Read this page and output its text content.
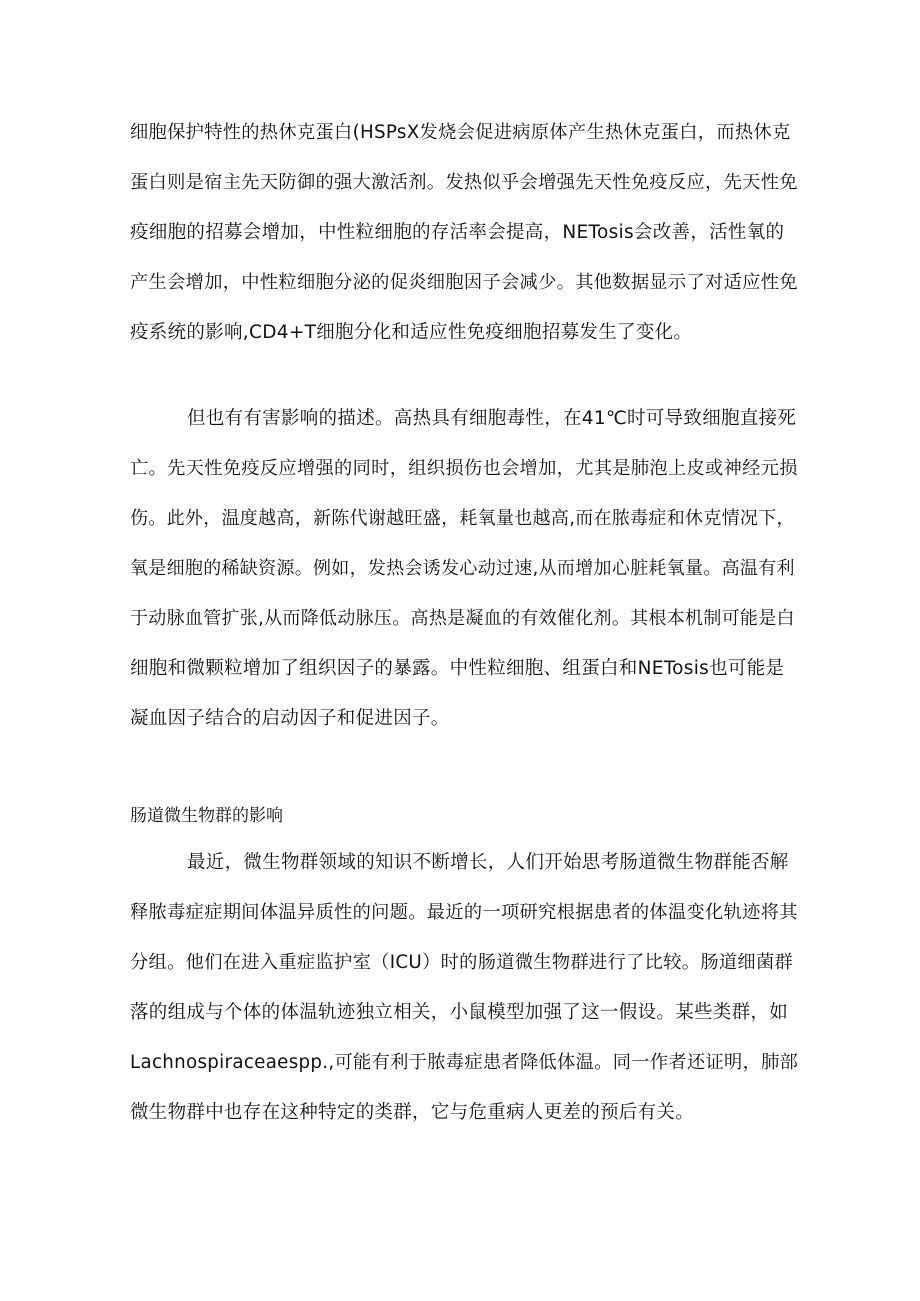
细胞保护特性的热休克蛋白(HSPsX发烧会促进病原体产生热休克蛋白，而热休克
蛋白则是宿主先天防御的强大激活剂。发热似乎会增强先天性免疫反应，先天性免
疫细胞的招募会增加，中性粒细胞的存活率会提高，NETosis会改善，活性氧的
产生会增加，中性粒细胞分泌的促炎细胞因子会减少。其他数据显示了对适应性免
疫系统的影响,CD4+T细胞分化和适应性免疫细胞招募发生了变化。
但也有有害影响的描述。高热具有细胞毒性，在41℃时可导致细胞直接死
亡。先天性免疫反应增强的同时，组织损伤也会增加，尤其是肺泡上皮或神经元损
伤。此外，温度越高，新陈代谢越旺盛，耗氧量也越高,而在脓毒症和休克情况下，
氧是细胞的稀缺资源。例如，发热会诱发心动过速,从而增加心脏耗氧量。高温有利
于动脉血管扩张,从而降低动脉压。高热是凝血的有效催化剂。其根本机制可能是白
细胞和微颗粒增加了组织因子的暴露。中性粒细胞、组蛋白和NETosis也可能是
凝血因子结合的启动因子和促进因子。
肠道微生物群的影响
最近，微生物群领域的知识不断增长，人们开始思考肠道微生物群能否解
释脓毒症症期间体温异质性的问题。最近的一项研究根据患者的体温变化轨迹将其
分组。他们在进入重症监护室（ICU）时的肠道微生物群进行了比较。肠道细菌群
落的组成与个体的体温轨迹独立相关，小鼠模型加强了这一假设。某些类群，如
Lachnospiraceaespp.,可能有利于脓毒症患者降低体温。同一作者还证明，肺部
微生物群中也存在这种特定的类群，它与危重病人更差的预后有关。
